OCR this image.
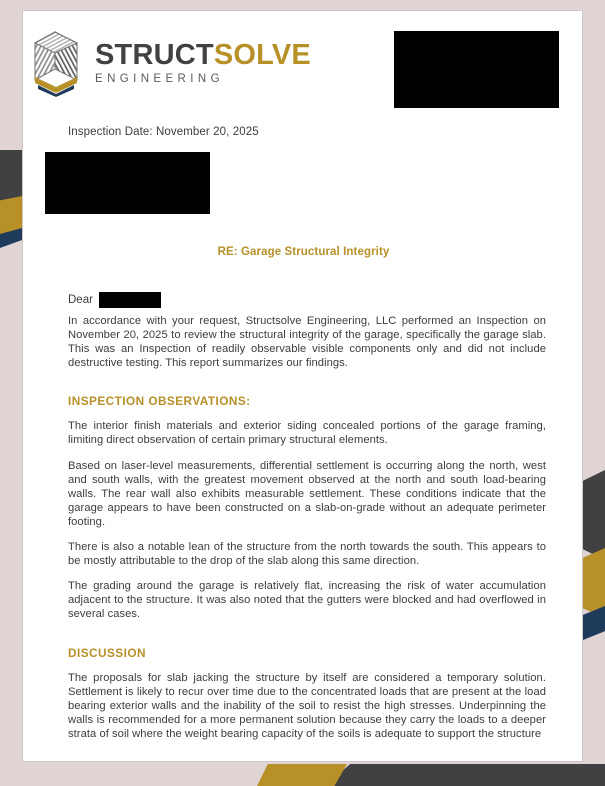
STRUCTSOLVE
ENGINEERING
Inspection Date: November 20, 2025
RE: Garage Structural Integrity
Dear

In accordance with your request, Structsolve Engineering, LLC performed an Inspection on November 20, 2025 to review the structural integrity of the garage, specifically the garage slab. This was an Inspection of readily observable visible components only and did not include destructive testing. This report summarizes our findings.

INSPECTION OBSERVATIONS:

The interior finish materials and exterior siding concealed portions of the garage framing, limiting direct observation of certain primary structural elements.

Based on laser-level measurements, differential settlement is occurring along the north, west and south walls, with the greatest movement observed at the north and south load-bearing walls. The rear wall also exhibits measurable settlement. These conditions indicate that the garage appears to have been constructed on a slab-on-grade without an adequate perimeter footing.

There is also a notable lean of the structure from the north towards the south. This appears to be mostly attributable to the drop of the slab along this same direction.

The grading around the garage is relatively flat, increasing the risk of water accumulation adjacent to the structure. It was also noted that the gutters were blocked and had overflowed in several cases.

DISCUSSION

The proposals for slab jacking the structure by itself are considered a temporary solution. Settlement is likely to recur over time due to the concentrated loads that are present at the load bearing exterior walls and the inability of the soil to resist the high stresses. Underpinning the walls is recommended for a more permanent solution because they carry the loads to a deeper strata of soil where the weight bearing capacity of the soils is adequate to support the structure
